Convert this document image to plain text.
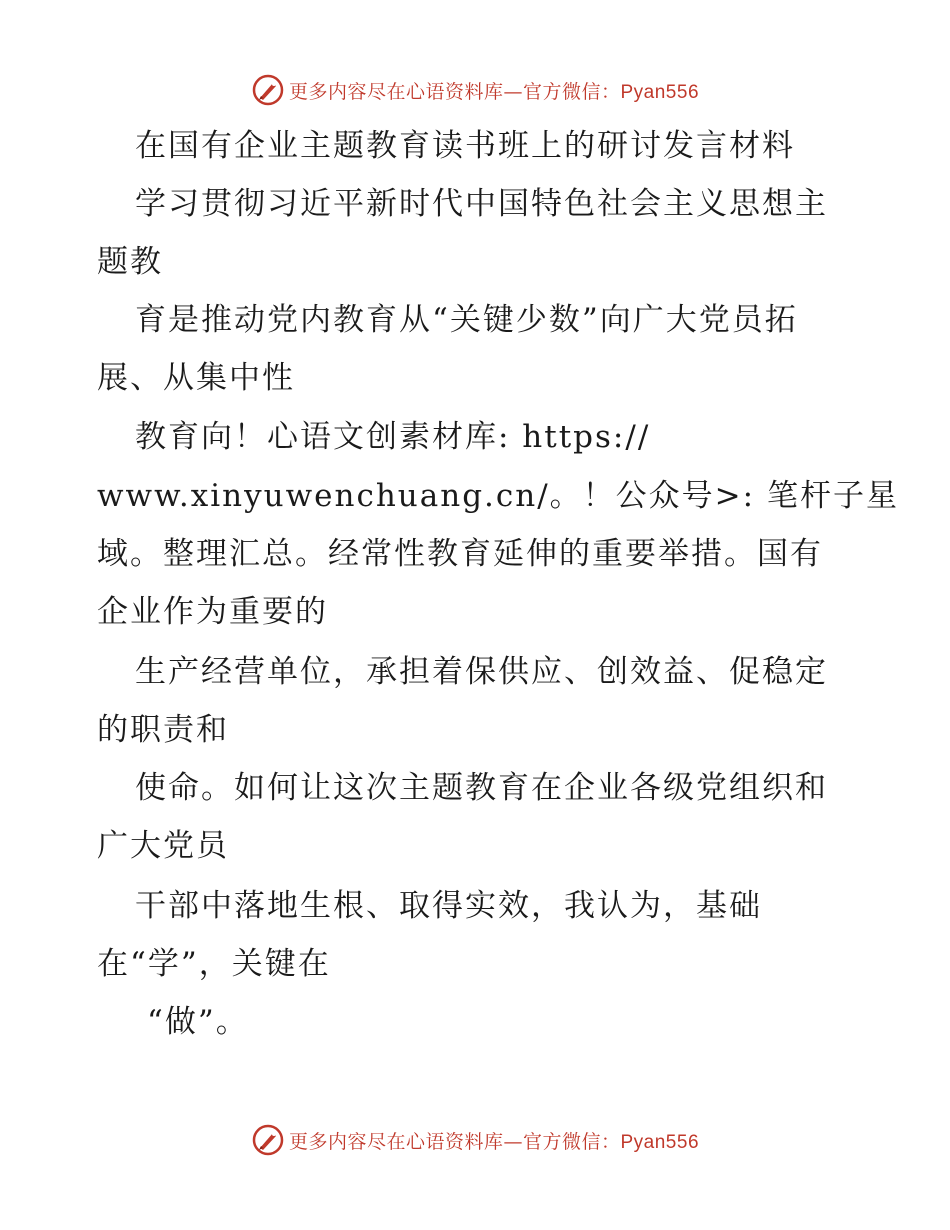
更多内容尽在心语资料库—官方微信：Pyan556
在国有企业主题教育读书班上的研讨发言材料
学习贯彻习近平新时代中国特色社会主义思想主
题教
育是推动党内教育从“关键少数”向广大党员拓
展、从集中性
教育向！心语文创素材库: https://
www.xinyuwenchuang.cn/。！公众号>: 笔杆子星
域。整理汇总。经常性教育延伸的重要举措。国有
企业作为重要的
生产经营单位，承担着保供应、创效益、促稳定
的职责和
使命。如何让这次主题教育在企业各级党组织和
广大党员
干部中落地生根、取得实效，我认为，基础
在“学”，关键在
“做”。
更多内容尽在心语资料库—官方微信：Pyan556
